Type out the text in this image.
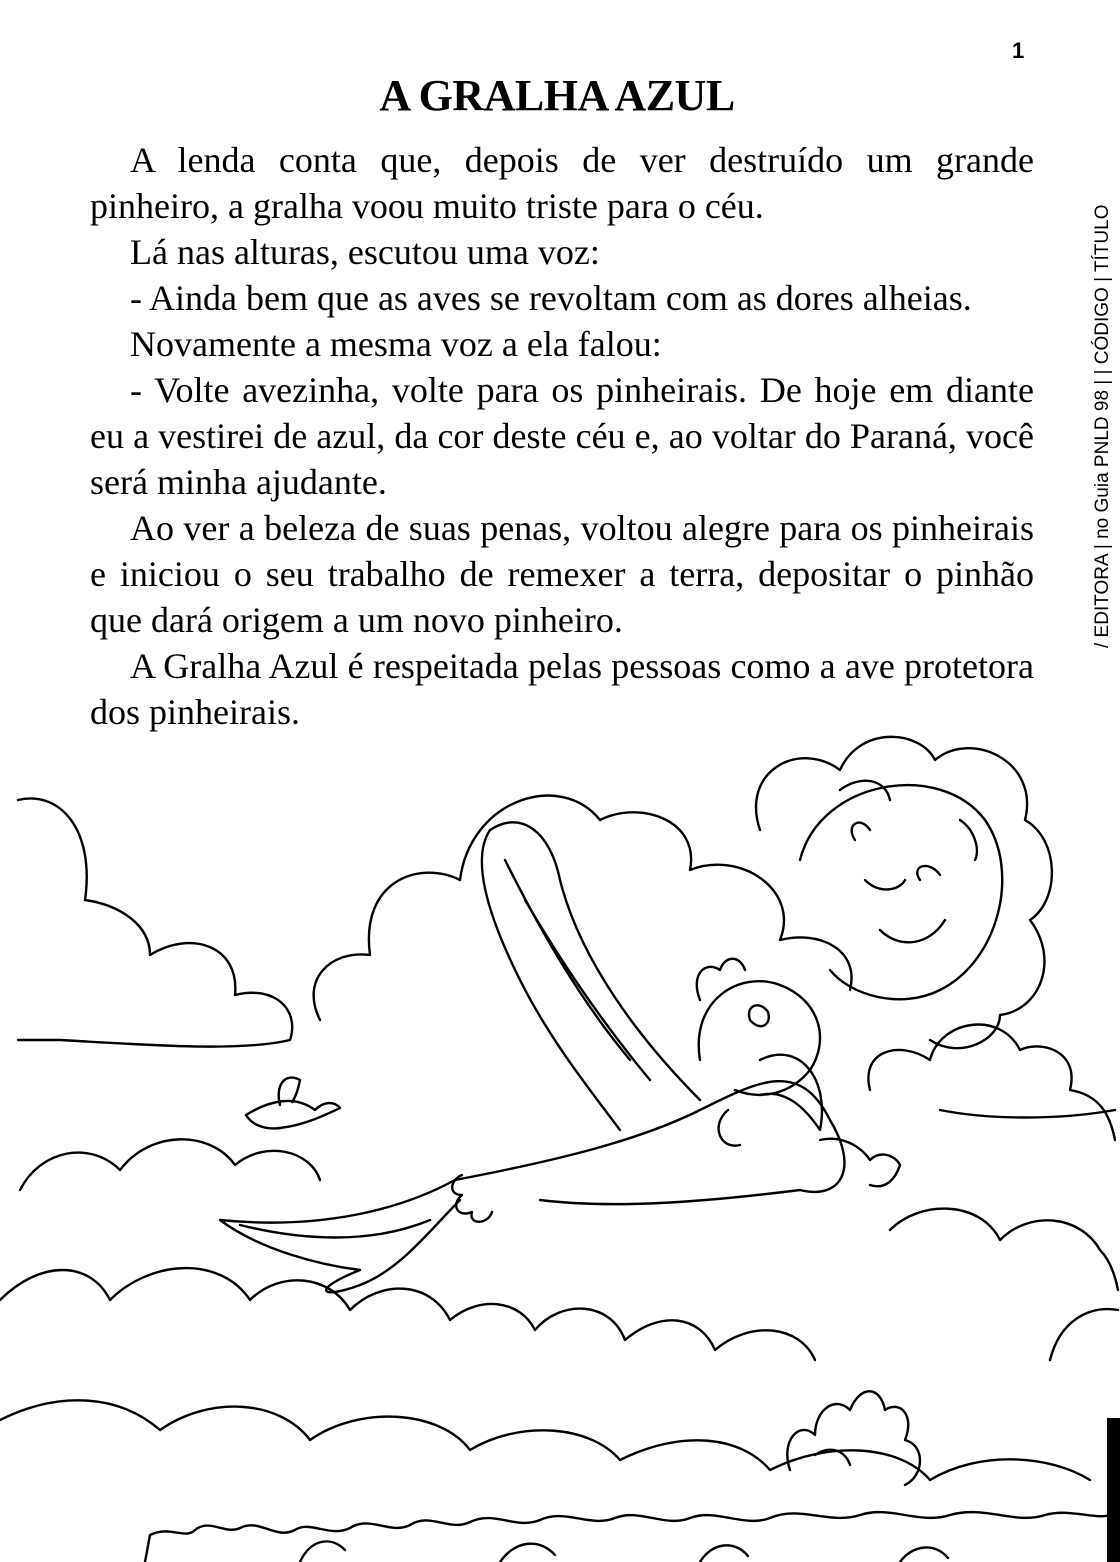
1
A GRALHA AZUL

A lenda conta que, depois de ver destruído um grande pinheiro, a gralha voou muito triste para o céu.

Lá nas alturas, escutou uma voz:

- Ainda bem que as aves se revoltam com as dores alheias.

Novamente a mesma voz a ela falou:

- Volte avezinha, volte para os pinheirais. De hoje em diante eu a vestirei de azul, da cor deste céu e, ao voltar do Paraná, você será minha ajudante.

Ao ver a beleza de suas penas, voltou alegre para os pinheirais e iniciou o seu trabalho de remexer a terra, depositar o pinhão que dará origem a um novo pinheiro.

A Gralha Azul é respeitada pelas pessoas como a ave protetora dos pinheirais.

/ EDITORA | no Guia PNLD 98 | | CÓDIGO | TÍTULO
